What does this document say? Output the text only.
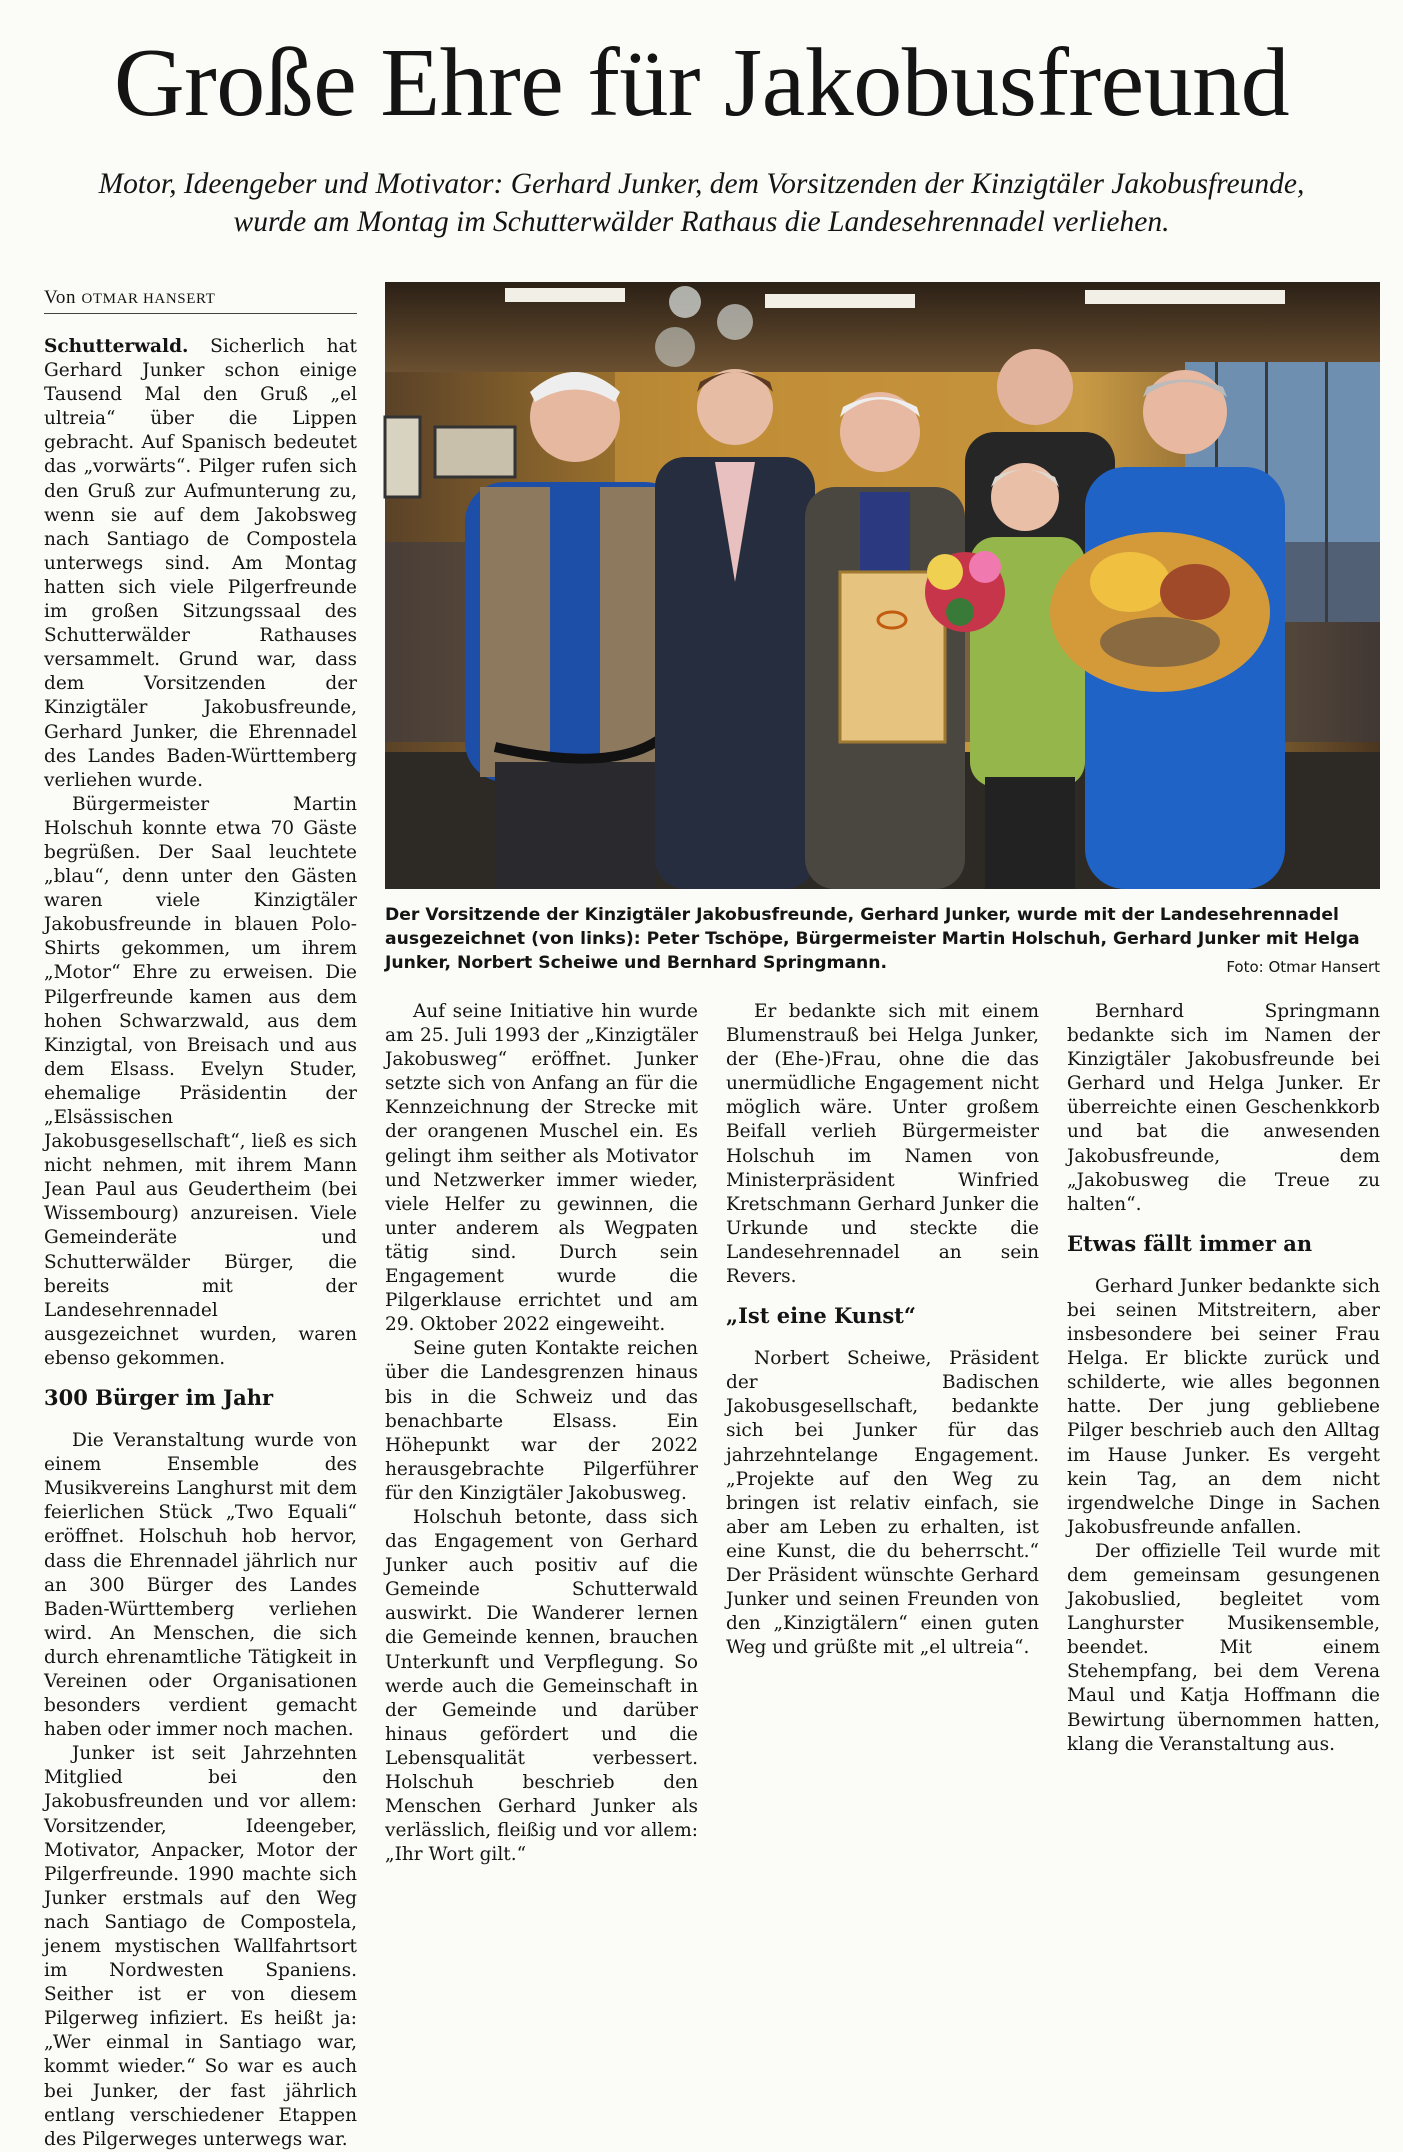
Große Ehre für Jakobusfreund

Motor, Ideengeber und Motivator: Gerhard Junker, dem Vorsitzenden der Kinzigtäler Jakobusfreunde, wurde am Montag im Schutterwälder Rathaus die Landesehrennadel verliehen.

Von OTMAR HANSERT

Der Vorsitzende der Kinzigtäler Jakobusfreunde, Gerhard Junker, wurde mit der Landesehrennadel ausgezeichnet (von links): Peter Tschöpe, Bürgermeister Martin Holschuh, Gerhard Junker mit Helga Junker, Norbert Scheiwe und Bernhard Springmann.	Foto: Otmar Hansert

Schutterwald. Sicherlich hat Gerhard Junker schon einige Tausend Mal den Gruß „el ultreia“ über die Lippen gebracht. Auf Spanisch bedeutet das „vorwärts“. Pilger rufen sich den Gruß zur Aufmunterung zu, wenn sie auf dem Jakobsweg nach Santiago de Compostela unterwegs sind. Am Montag hatten sich viele Pilgerfreunde im großen Sitzungssaal des Schutterwälder Rathauses versammelt. Grund war, dass dem Vorsitzenden der Kinzigtäler Jakobusfreunde, Gerhard Junker, die Ehrennadel des Landes Baden-Württemberg verliehen wurde.

Bürgermeister Martin Holschuh konnte etwa 70 Gäste begrüßen. Der Saal leuchtete „blau“, denn unter den Gästen waren viele Kinzigtäler Jakobusfreunde in blauen Polo-Shirts gekommen, um ihrem „Motor“ Ehre zu erweisen. Die Pilgerfreunde kamen aus dem hohen Schwarzwald, aus dem Kinzigtal, von Breisach und aus dem Elsass. Evelyn Studer, ehemalige Präsidentin der „Elsässischen Jakobusgesellschaft“, ließ es sich nicht nehmen, mit ihrem Mann Jean Paul aus Geudertheim (bei Wissembourg) anzureisen. Viele Gemeinderäte und Schutterwälder Bürger, die bereits mit der Landesehrennadel ausgezeichnet wurden, waren ebenso gekommen.

300 Bürger im Jahr

Die Veranstaltung wurde von einem Ensemble des Musikvereins Langhurst mit dem feierlichen Stück „Two Equali“ eröffnet. Holschuh hob hervor, dass die Ehrennadel jährlich nur an 300 Bürger des Landes Baden-Württemberg verliehen wird. An Menschen, die sich durch ehrenamtliche Tätigkeit in Vereinen oder Organisationen besonders verdient gemacht haben oder immer noch machen.

Junker ist seit Jahrzehnten Mitglied bei den Jakobusfreunden und vor allem: Vorsitzender, Ideengeber, Motivator, Anpacker, Motor der Pilgerfreunde. 1990 machte sich Junker erstmals auf den Weg nach Santiago de Compostela, jenem mystischen Wallfahrtsort im Nordwesten Spaniens. Seither ist er von diesem Pilgerweg infiziert. Es heißt ja: „Wer einmal in Santiago war, kommt wieder.“ So war es auch bei Junker, der fast jährlich entlang verschiedener Etappen des Pilgerweges unterwegs war.

Auf seine Initiative hin wurde am 25. Juli 1993 der „Kinzigtäler Jakobusweg“ eröffnet. Junker setzte sich von Anfang an für die Kennzeichnung der Strecke mit der orangenen Muschel ein. Es gelingt ihm seither als Motivator und Netzwerker immer wieder, viele Helfer zu gewinnen, die unter anderem als Wegpaten tätig sind. Durch sein Engagement wurde die Pilgerklause errichtet und am 29. Oktober 2022 eingeweiht.

Seine guten Kontakte reichen über die Landesgrenzen hinaus bis in die Schweiz und das benachbarte Elsass. Ein Höhepunkt war der 2022 herausgebrachte Pilgerführer für den Kinzigtäler Jakobusweg.

Holschuh betonte, dass sich das Engagement von Gerhard Junker auch positiv auf die Gemeinde Schutterwald auswirkt. Die Wanderer lernen die Gemeinde kennen, brauchen Unterkunft und Verpflegung. So werde auch die Gemeinschaft in der Gemeinde und darüber hinaus gefördert und die Lebensqualität verbessert. Holschuh beschrieb den Menschen Gerhard Junker als verlässlich, fleißig und vor allem: „Ihr Wort gilt.“

Er bedankte sich mit einem Blumenstrauß bei Helga Junker, der (Ehe-)Frau, ohne die das unermüdliche Engagement nicht möglich wäre. Unter großem Beifall verlieh Bürgermeister Holschuh im Namen von Ministerpräsident Winfried Kretschmann Gerhard Junker die Urkunde und steckte die Landesehrennadel an sein Revers.

„Ist eine Kunst“

Norbert Scheiwe, Präsident der Badischen Jakobusgesellschaft, bedankte sich bei Junker für das jahrzehntelange Engagement. „Projekte auf den Weg zu bringen ist relativ einfach, sie aber am Leben zu erhalten, ist eine Kunst, die du beherrscht.“ Der Präsident wünschte Gerhard Junker und seinen Freunden von den „Kinzigtälern“ einen guten Weg und grüßte mit „el ultreia“.

Bernhard Springmann bedankte sich im Namen der Kinzigtäler Jakobusfreunde bei Gerhard und Helga Junker. Er überreichte einen Geschenkkorb und bat die anwesenden Jakobusfreunde, dem „Jakobusweg die Treue zu halten“.

Etwas fällt immer an

Gerhard Junker bedankte sich bei seinen Mitstreitern, aber insbesondere bei seiner Frau Helga. Er blickte zurück und schilderte, wie alles begonnen hatte. Der jung gebliebene Pilger beschrieb auch den Alltag im Hause Junker. Es vergeht kein Tag, an dem nicht irgendwelche Dinge in Sachen Jakobusfreunde anfallen.

Der offizielle Teil wurde mit dem gemeinsam gesungenen Jakobuslied, begleitet vom Langhurster Musikensemble, beendet. Mit einem Stehempfang, bei dem Verena Maul und Katja Hoffmann die Bewirtung übernommen hatten, klang die Veranstaltung aus.
